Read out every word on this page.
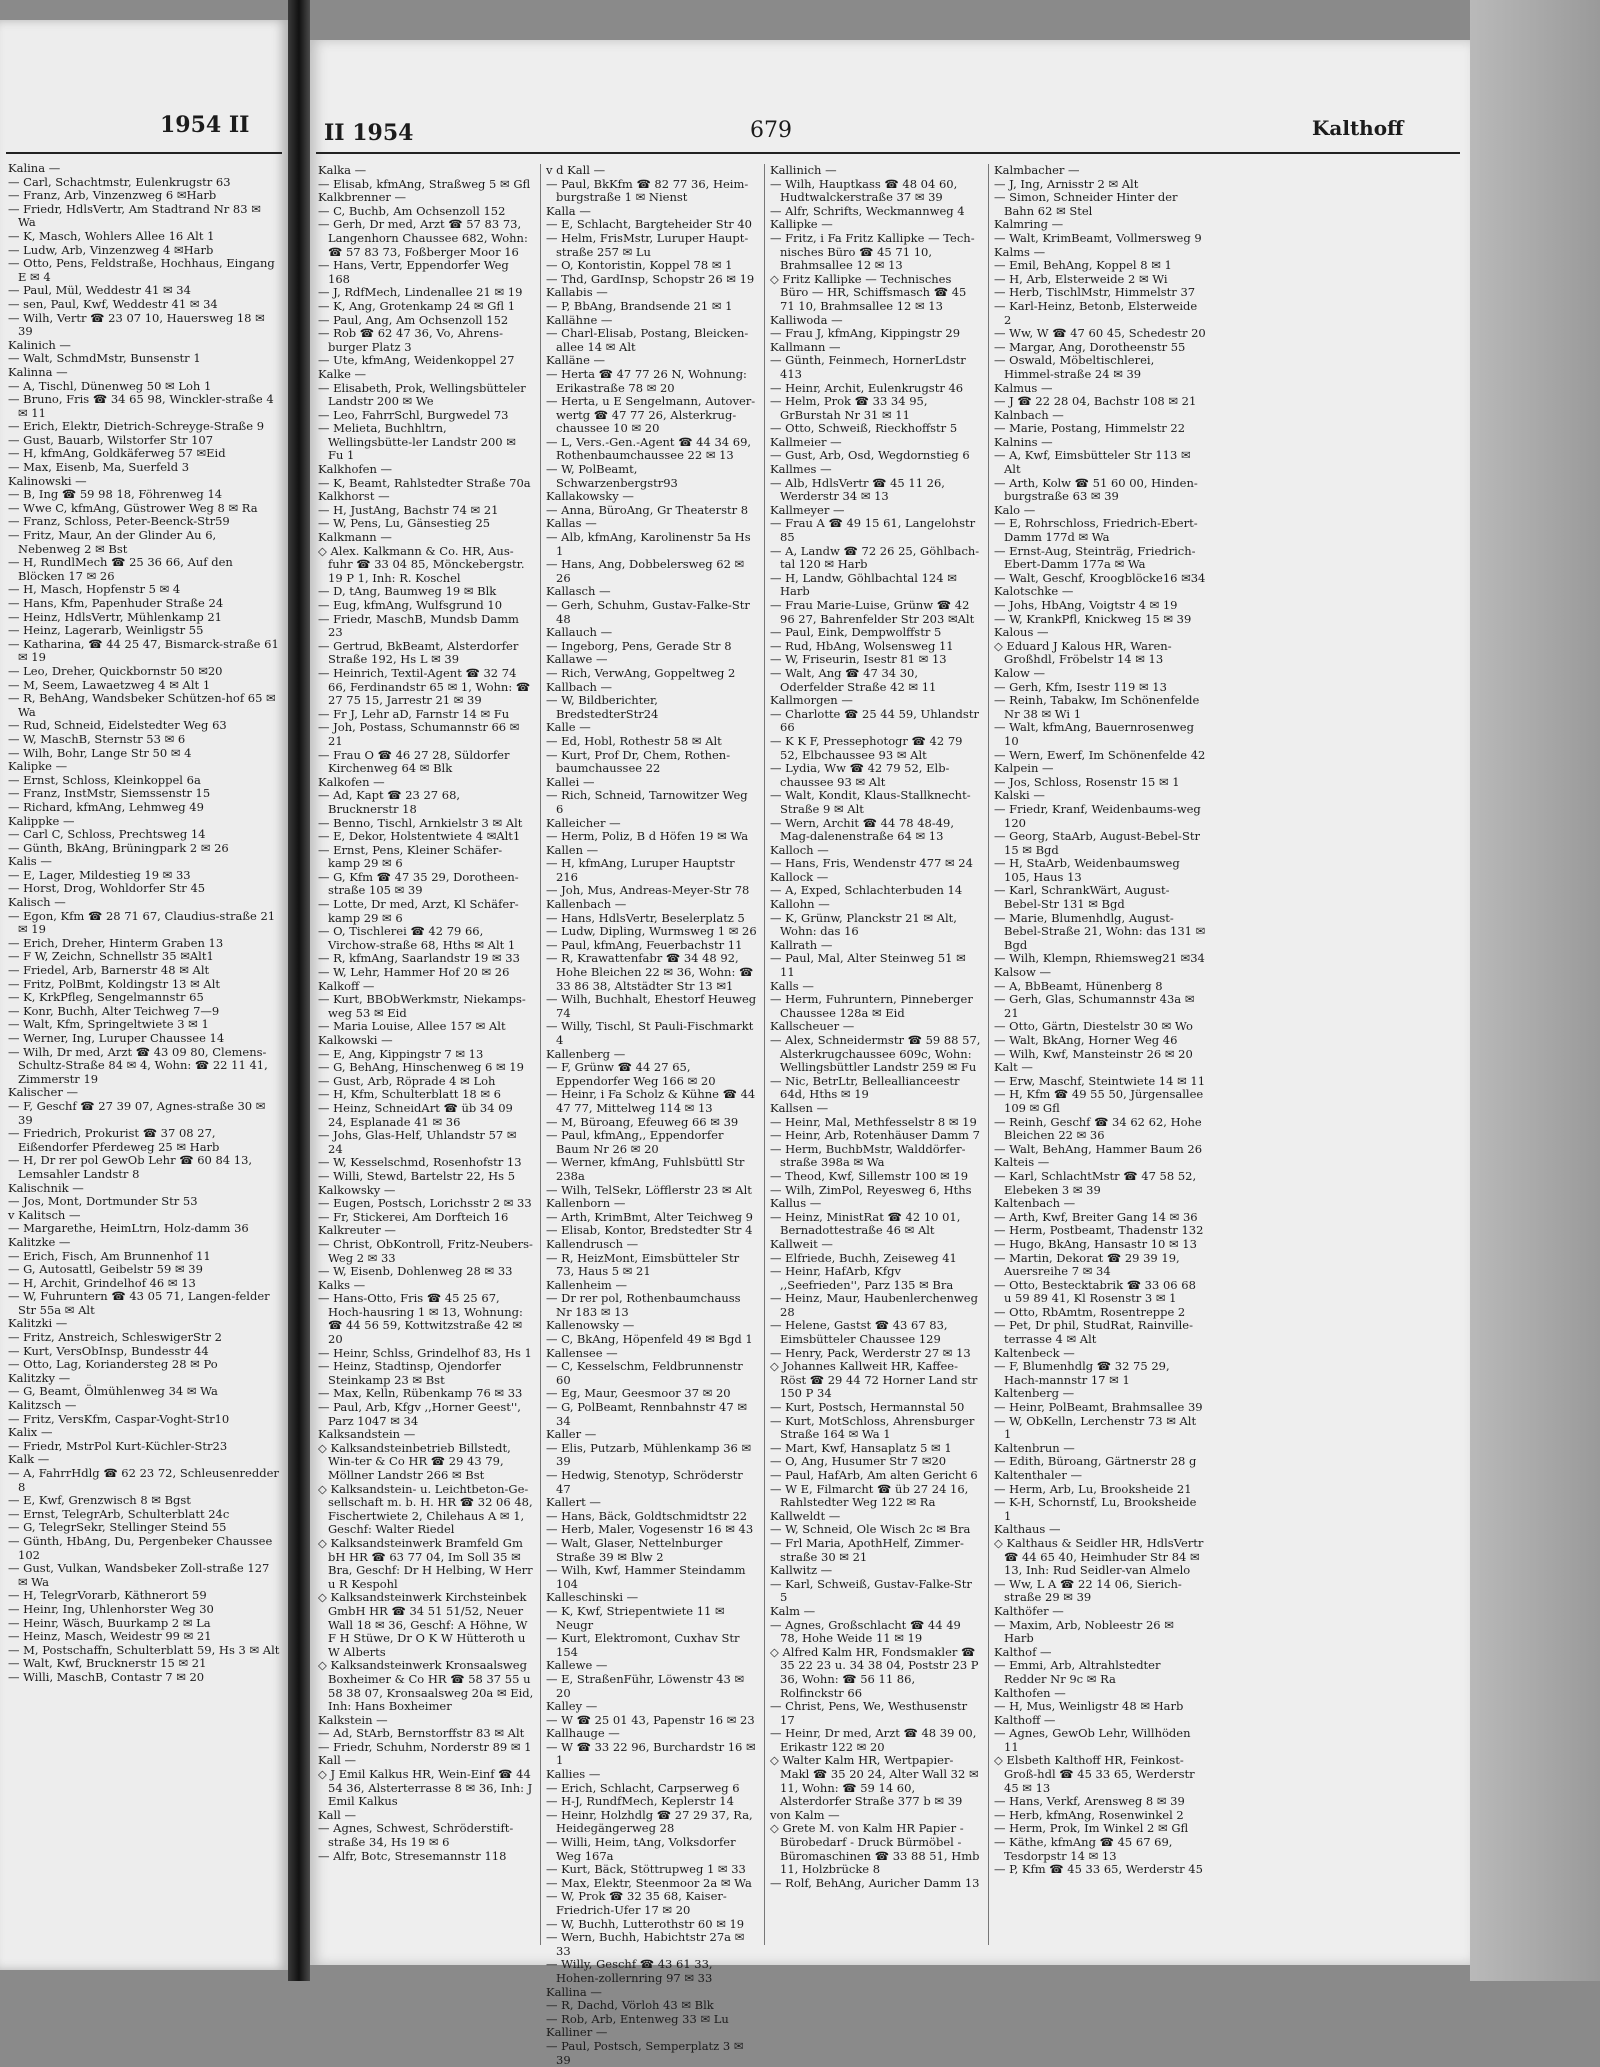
1954 II

Kalina —

— Carl, Schachtmstr, Eulenkrugstr 63

— Franz, Arb, Vinzenzweg 6 ✉Harb

— Friedr, HdlsVertr, Am Stadtrand Nr 83 ✉ Wa

— K, Masch, Wohlers Allee 16 Alt 1

— Ludw, Arb, Vinzenzweg 4 ✉Harb

— Otto, Pens, Feldstraße, Hochhaus, Eingang E ✉ 4

— Paul, Mül, Weddestr 41 ✉ 34

— sen, Paul, Kwf, Weddestr 41 ✉ 34

— Wilh, Vertr ☎ 23 07 10, Hauersweg 18 ✉ 39

Kalinich —

— Walt, SchmdMstr, Bunsenstr 1

Kalinna —

— A, Tischl, Dünenweg 50 ✉ Loh 1

— Bruno, Fris ☎ 34 65 98, Winckler-straße 4 ✉ 11

— Erich, Elektr, Dietrich-Schreyge-Straße 9

— Gust, Bauarb, Wilstorfer Str 107

— H, kfmAng, Goldkäferweg 57 ✉Eid

— Max, Eisenb, Ma, Suerfeld 3

Kalinowski —

— B, Ing ☎ 59 98 18, Föhrenweg 14

— Wwe C, kfmAng, Güstrower Weg 8 ✉ Ra

— Franz, Schloss, Peter-Beenck-Str59

— Fritz, Maur, An der Glinder Au 6, Nebenweg 2 ✉ Bst

— H, RundlMech ☎ 25 36 66, Auf den Blöcken 17 ✉ 26

— H, Masch, Hopfenstr 5 ✉ 4

— Hans, Kfm, Papenhuder Straße 24

— Heinz, HdlsVertr, Mühlenkamp 21

— Heinz, Lagerarb, Weinligstr 55

— Katharina, ☎ 44 25 47, Bismarck-straße 61 ✉ 19

— Leo, Dreher, Quickbornstr 50 ✉20

— M, Seem, Lawaetzweg 4 ✉ Alt 1

— R, BehAng, Wandsbeker Schützen-hof 65 ✉ Wa

— Rud, Schneid, Eidelstedter Weg 63

— W, MaschB, Sternstr 53 ✉ 6

— Wilh, Bohr, Lange Str 50 ✉ 4

Kalipke —

— Ernst, Schloss, Kleinkoppel 6a

— Franz, InstMstr, Siemssenstr 15

— Richard, kfmAng, Lehmweg 49

Kalippke —

— Carl C, Schloss, Prechtsweg 14

— Günth, BkAng, Brüningpark 2 ✉ 26

Kalis —

— E, Lager, Mildestieg 19 ✉ 33

— Horst, Drog, Wohldorfer Str 45

Kalisch —

— Egon, Kfm ☎ 28 71 67, Claudius-straße 21 ✉ 19

— Erich, Dreher, Hinterm Graben 13

— F W, Zeichn, Schnellstr 35 ✉Alt1

— Friedel, Arb, Barnerstr 48 ✉ Alt

— Fritz, PolBmt, Koldingstr 13 ✉ Alt

— K, KrkPfleg, Sengelmannstr 65

— Konr, Buchh, Alter Teichweg 7—9

— Walt, Kfm, Springeltwiete 3 ✉ 1

— Werner, Ing, Luruper Chaussee 14

— Wilh, Dr med, Arzt ☎ 43 09 80, Clemens-Schultz-Straße 84 ✉ 4, Wohn: ☎ 22 11 41, Zimmerstr 19

Kalischer —

— F, Geschf ☎ 27 39 07, Agnes-straße 30 ✉ 39

— Friedrich, Prokurist ☎ 37 08 27, Eißendorfer Pferdeweg 25 ✉ Harb

— H, Dr rer pol GewOb Lehr ☎ 60 84 13, Lemsahler Landstr 8

Kalischnik —

— Jos, Mont, Dortmunder Str 53

v Kalitsch —

— Margarethe, HeimLtrn, Holz-damm 36

Kalitzke —

— Erich, Fisch, Am Brunnenhof 11

— G, Autosattl, Geibelstr 59 ✉ 39

— H, Archit, Grindelhof 46 ✉ 13

— W, Fuhruntern ☎ 43 05 71, Langen-felder Str 55a ✉ Alt

Kalitzki —

— Fritz, Anstreich, SchleswigerStr 2

— Kurt, VersObInsp, Bundesstr 44

— Otto, Lag, Koriandersteg 28 ✉ Po

Kalitzky —

— G, Beamt, Ölmühlenweg 34 ✉ Wa

Kalitzsch —

— Fritz, VersKfm, Caspar-Voght-Str10

Kalix —

— Friedr, MstrPol Kurt-Küchler-Str23

Kalk —

— A, FahrrHdlg ☎ 62 23 72, Schleusenredder 8

— E, Kwf, Grenzwisch 8 ✉ Bgst

— Ernst, TelegrArb, Schulterblatt 24c

— G, TelegrSekr, Stellinger Steind 55

— Günth, HbAng, Du, Pergenbeker Chaussee 102

— Gust, Vulkan, Wandsbeker Zoll-straße 127 ✉ Wa

— H, TelegrVorarb, Käthnerort 59

— Heinr, Ing, Uhlenhorster Weg 30

— Heinr, Wäsch, Buurkamp 2 ✉ La

— Heinz, Masch, Weidestr 99 ✉ 21

— M, Postschaffn, Schulterblatt 59, Hs 3 ✉ Alt

— Walt, Kwf, Brucknerstr 15 ✉ 21

— Willi, MaschB, Contastr 7 ✉ 20

II 1954	679	Kalthoff

Kalka —

— Elisab, kfmAng, Straßweg 5 ✉ Gfl

Kalkbrenner —

— C, Buchb, Am Ochsenzoll 152

— Gerh, Dr med, Arzt ☎ 57 83 73, Langenhorn Chaussee 682, Wohn: ☎ 57 83 73, Foßberger Moor 16

— Hans, Vertr, Eppendorfer Weg 168

— J, RdfMech, Lindenallee 21 ✉ 19

— K, Ang, Grotenkamp 24 ✉ Gfl 1

— Paul, Ang, Am Ochsenzoll 152

— Rob ☎ 62 47 36, Vo, Ahrens-burger Platz 3

— Ute, kfmAng, Weidenkoppel 27

Kalke —

— Elisabeth, Prok, Wellingsbütteler Landstr 200 ✉ We

— Leo, FahrrSchl, Burgwedel 73

— Melieta, Buchhltrn, Wellingsbütte-ler Landstr 200 ✉ Fu 1

Kalkhofen —

— K, Beamt, Rahlstedter Straße 70a

Kalkhorst —

— H, JustAng, Bachstr 74 ✉ 21

— W, Pens, Lu, Gänsestieg 25

Kalkmann —

◇ Alex. Kalkmann & Co. HR, Aus-fuhr ☎ 33 04 85, Mönckebergstr. 19 P 1, Inh: R. Koschel

— D, tAng, Baumweg 19 ✉ Blk

— Eug, kfmAng, Wulfsgrund 10

— Friedr, MaschB, Mundsb Damm 23

— Gertrud, BkBeamt, Alsterdorfer Straße 192, Hs L ✉ 39

— Heinrich, Textil-Agent ☎ 32 74 66, Ferdinandstr 65 ✉ 1, Wohn: ☎ 27 75 15, Jarrestr 21 ✉ 39

— Fr J, Lehr aD, Farnstr 14 ✉ Fu

— Joh, Postass, Schumannstr 66 ✉ 21

— Frau O ☎ 46 27 28, Süldorfer Kirchenweg 64 ✉ Blk

Kalkofen —

— Ad, Kapt ☎ 23 27 68, Brucknerstr 18

— Benno, Tischl, Arnkielstr 3 ✉ Alt

— E, Dekor, Holstentwiete 4 ✉Alt1

— Ernst, Pens, Kleiner Schäfer-kamp 29 ✉ 6

— G, Kfm ☎ 47 35 29, Dorotheen-straße 105 ✉ 39

— Lotte, Dr med, Arzt, Kl Schäfer-kamp 29 ✉ 6

— O, Tischlerei ☎ 42 79 66, Virchow-straße 68, Hths ✉ Alt 1

— R, kfmAng, Saarlandstr 19 ✉ 33

— W, Lehr, Hammer Hof 20 ✉ 26

Kalkoff —

— Kurt, BBObWerkmstr, Niekamps-weg 53 ✉ Eid

— Maria Louise, Allee 157 ✉ Alt

Kalkowski —

— E, Ang, Kippingstr 7 ✉ 13

— G, BehAng, Hinschenweg 6 ✉ 19

— Gust, Arb, Röprade 4 ✉ Loh

— H, Kfm, Schulterblatt 18 ✉ 6

— Heinz, SchneidArt ☎ üb 34 09 24, Esplanade 41 ✉ 36

— Johs, Glas-Helf, Uhlandstr 57 ✉ 24

— W, Kesselschmd, Rosenhofstr 13

— Willi, Stewd, Bartelstr 22, Hs 5

Kalkowsky —

— Eugen, Postsch, Lorichsstr 2 ✉ 33

— Fr, Stickerei, Am Dorfteich 16

Kalkreuter —

— Christ, ObKontroll, Fritz-Neubers-Weg 2 ✉ 33

— W, Eisenb, Dohlenweg 28 ✉ 33

Kalks —

— Hans-Otto, Fris ☎ 45 25 67, Hoch-hausring 1 ✉ 13, Wohnung: ☎ 44 56 59, Kottwitzstraße 42 ✉ 20

— Heinr, Schlss, Grindelhof 83, Hs 1

— Heinz, Stadtinsp, Ojendorfer Steinkamp 23 ✉ Bst

— Max, Kelln, Rübenkamp 76 ✉ 33

— Paul, Arb, Kfgv ,,Horner Geest'', Parz 1047 ✉ 34

Kalksandstein —

◇ Kalksandsteinbetrieb Billstedt, Win-ter & Co HR ☎ 29 43 79, Möllner Landstr 266 ✉ Bst

◇ Kalksandstein- u. Leichtbeton-Ge-sellschaft m. b. H. HR ☎ 32 06 48, Fischertwiete 2, Chilehaus A ✉ 1, Geschf: Walter Riedel

◇ Kalksandsteinwerk Bramfeld Gm bH HR ☎ 63 77 04, Im Soll 35 ✉ Bra, Geschf: Dr H Helbing, W Herr u R Kespohl

◇ Kalksandsteinwerk Kirchsteinbek GmbH HR ☎ 34 51 51/52, Neuer Wall 18 ✉ 36, Geschf: A Höhne, W F H Stüwe, Dr O K W Hütteroth u W Alberts

◇ Kalksandsteinwerk Kronsaalsweg Boxheimer & Co HR ☎ 58 37 55 u 58 38 07, Kronsaalsweg 20a ✉ Eid, Inh: Hans Boxheimer

Kalkstein —

— Ad, StArb, Bernstorffstr 83 ✉ Alt

— Friedr, Schuhm, Norderstr 89 ✉ 1

Kall —

◇ J Emil Kalkus HR, Wein-Einf ☎ 44 54 36, Alsterterrasse 8 ✉ 36, Inh: J Emil Kalkus

Kall —

— Agnes, Schwest, Schröderstift-straße 34, Hs 19 ✉ 6

— Alfr, Botc, Stresemannstr 118

v d Kall —

— Paul, BkKfm ☎ 82 77 36, Heim-burgstraße 1 ✉ Nienst

Kalla —

— E, Schlacht, Bargteheider Str 40

— Helm, FrisMstr, Luruper Haupt-straße 257 ✉ Lu

— O, Kontoristin, Koppel 78 ✉ 1

— Thd, GardInsp, Schopstr 26 ✉ 19

Kallabis —

— P, BbAng, Brandsende 21 ✉ 1

Kallähne —

— Charl-Elisab, Postang, Bleicken-allee 14 ✉ Alt

Kalläne —

— Herta ☎ 47 77 26 N, Wohnung: Erikastraße 78 ✉ 20

— Herta, u E Sengelmann, Autover-wertg ☎ 47 77 26, Alsterkrug-chaussee 10 ✉ 20

— L, Vers.-Gen.-Agent ☎ 44 34 69, Rothenbaumchaussee 22 ✉ 13

— W, PolBeamt, Schwarzenbergstr93

Kallakowsky —

— Anna, BüroAng, Gr Theaterstr 8

Kallas —

— Alb, kfmAng, Karolinenstr 5a Hs 1

— Hans, Ang, Dobbelersweg 62 ✉26

Kallasch —

— Gerh, Schuhm, Gustav-Falke-Str 48

Kallauch —

— Ingeborg, Pens, Gerade Str 8

Kallawe —

— Rich, VerwAng, Goppeltweg 2

Kallbach —

— W, Bildberichter, BredstedterStr24

Kalle —

— Ed, Hobl, Rothestr 58 ✉ Alt

— Kurt, Prof Dr, Chem, Rothen-baumchaussee 22

Kallei —

— Rich, Schneid, Tarnowitzer Weg 6

Kalleicher —

— Herm, Poliz, B d Höfen 19 ✉ Wa

Kallen —

— H, kfmAng, Luruper Hauptstr 216

— Joh, Mus, Andreas-Meyer-Str 78

Kallenbach —

— Hans, HdlsVertr, Beselerplatz 5

— Ludw, Dipling, Wurmsweg 1 ✉ 26

— Paul, kfmAng, Feuerbachstr 11

— R, Krawattenfabr ☎ 34 48 92, Hohe Bleichen 22 ✉ 36, Wohn: ☎ 33 86 38, Altstädter Str 13 ✉1

— Wilh, Buchhalt, Ehestorf Heuweg 74

— Willy, Tischl, St Pauli-Fischmarkt 4

Kallenberg —

— F, Grünw ☎ 44 27 65, Eppendorfer Weg 166 ✉ 20

— Heinr, i Fa Scholz & Kühne ☎ 44 47 77, Mittelweg 114 ✉ 13

— M, Büroang, Efeuweg 66 ✉ 39

— Paul, kfmAng,, Eppendorfer Baum Nr 26 ✉ 20

— Werner, kfmAng, Fuhlsbüttl Str 238a

— Wilh, TelSekr, Löfflerstr 23 ✉ Alt

Kallenborn —

— Arth, KrimBmt, Alter Teichweg 9

— Elisab, Kontor, Bredstedter Str 4

Kallendrusch —

— R, HeizMont, Eimsbütteler Str 73, Haus 5 ✉ 21

Kallenheim —

— Dr rer pol, Rothenbaumchauss Nr 183 ✉ 13

Kallenowsky —

— C, BkAng, Höpenfeld 49 ✉ Bgd 1

Kallensee —

— C, Kesselschm, Feldbrunnenstr 60

— Eg, Maur, Geesmoor 37 ✉ 20

— G, PolBeamt, Rennbahnstr 47 ✉34

Kaller —

— Elis, Putzarb, Mühlenkamp 36 ✉ 39

— Hedwig, Stenotyp, Schröderstr 47

Kallert —

— Hans, Bäck, Goldtschmidtstr 22

— Herb, Maler, Vogesenstr 16 ✉ 43

— Walt, Glaser, Nettelnburger Straße 39 ✉ Blw 2

— Wilh, Kwf, Hammer Steindamm 104

Kalleschinski —

— K, Kwf, Striepentwiete 11 ✉ Neugr

— Kurt, Elektromont, Cuxhav Str 154

Kallewe —

— E, StraßenFühr, Löwenstr 43 ✉ 20

Kalley —

— W ☎ 25 01 43, Papenstr 16 ✉ 23

Kallhauge —

— W ☎ 33 22 96, Burchardstr 16 ✉1

Kallies —

— Erich, Schlacht, Carpserweg 6

— H-J, RundfMech, Keplerstr 14

— Heinr, Holzhdlg ☎ 27 29 37, Ra, Heidegängerweg 28

— Willi, Heim, tAng, Volksdorfer Weg 167a

— Kurt, Bäck, Stöttrupweg 1 ✉ 33

— Max, Elektr, Steenmoor 2a ✉ Wa

— W, Prok ☎ 32 35 68, Kaiser-Friedrich-Ufer 17 ✉ 20

— W, Buchh, Lutterothstr 60 ✉ 19

— Wern, Buchh, Habichtstr 27a ✉33

— Willy, Geschf ☎ 43 61 33, Hohen-zollernring 97 ✉ 33

Kallina —

— R, Dachd, Vörloh 43 ✉ Blk

— Rob, Arb, Entenweg 33 ✉ Lu

Kalliner —

— Paul, Postsch, Semperplatz 3 ✉ 39

Kallinich —

— Wilh, Hauptkass ☎ 48 04 60, Hudtwalckerstraße 37 ✉ 39

— Alfr, Schrifts, Weckmannweg 4

Kallipke —

— Fritz, i Fa Fritz Kallipke — Tech-nisches Büro ☎ 45 71 10, Brahmsallee 12 ✉ 13

◇ Fritz Kallipke — Technisches Büro — HR, Schiffsmasch ☎ 45 71 10, Brahmsallee 12 ✉ 13

Kalliwoda —

— Frau J, kfmAng, Kippingstr 29

Kallmann —

— Günth, Feinmech, HornerLdstr 413

— Heinr, Archit, Eulenkrugstr 46

— Helm, Prok ☎ 33 34 95, GrBurstah Nr 31 ✉ 11

— Otto, Schweiß, Rieckhoffstr 5

Kallmeier —

— Gust, Arb, Osd, Wegdornstieg 6

Kallmes —

— Alb, HdlsVertr ☎ 45 11 26, Werderstr 34 ✉ 13

Kallmeyer —

— Frau A ☎ 49 15 61, Langelohstr 85

— A, Landw ☎ 72 26 25, Göhlbach-tal 120 ✉ Harb

— H, Landw, Göhlbachtal 124 ✉ Harb

— Frau Marie-Luise, Grünw ☎ 42 96 27, Bahrenfelder Str 203 ✉Alt

— Paul, Eink, Dempwolffstr 5

— Rud, HbAng, Wolsensweg 11

— W, Friseurin, Isestr 81 ✉ 13

— Walt, Ang ☎ 47 34 30, Oderfelder Straße 42 ✉ 11

Kallmorgen —

— Charlotte ☎ 25 44 59, Uhlandstr 66

— K K F, Pressephotogr ☎ 42 79 52, Elbchaussee 93 ✉ Alt

— Lydia, Ww ☎ 42 79 52, Elb-chaussee 93 ✉ Alt

— Walt, Kondit, Klaus-Stallknecht-Straße 9 ✉ Alt

— Wern, Archit ☎ 44 78 48-49, Mag-dalenenstraße 64 ✉ 13

Kalloch —

— Hans, Fris, Wendenstr 477 ✉ 24

Kallock —

— A, Exped, Schlachterbuden 14

Kallohn —

— K, Grünw, Planckstr 21 ✉ Alt, Wohn: das 16

Kallrath —

— Paul, Mal, Alter Steinweg 51 ✉ 11

Kalls —

— Herm, Fuhruntern, Pinneberger Chaussee 128a ✉ Eid

Kallscheuer —

— Alex, Schneidermstr ☎ 59 88 57, Alsterkrugchaussee 609c, Wohn: Wellingsbüttler Landstr 259 ✉ Fu

— Nic, BetrLtr, Belleallianceestr 64d, Hths ✉ 19

Kallsen —

— Heinr, Mal, Methfesselstr 8 ✉ 19

— Heinr, Arb, Rotenhäuser Damm 7

— Herm, BuchbMstr, Walddörfer-straße 398a ✉ Wa

— Theod, Kwf, Sillemstr 100 ✉ 19

— Wilh, ZimPol, Reyesweg 6, Hths

Kallus —

— Heinz, MinistRat ☎ 42 10 01, Bernadottestraße 46 ✉ Alt

Kallweit —

— Elfriede, Buchh, Zeiseweg 41

— Heinr, HafArb, Kfgv ,,Seefrieden'', Parz 135 ✉ Bra

— Heinz, Maur, Haubenlerchenweg 28

— Helene, Gastst ☎ 43 67 83, Eimsbütteler Chaussee 129

— Henry, Pack, Werderstr 27 ✉ 13

◇ Johannes Kallweit HR, Kaffee-Röst ☎ 29 44 72 Horner Land str 150 P 34

— Kurt, Postsch, Hermannstal 50

— Kurt, MotSchloss, Ahrensburger Straße 164 ✉ Wa 1

— Mart, Kwf, Hansaplatz 5 ✉ 1

— O, Ang, Husumer Str 7 ✉20

— Paul, HafArb, Am alten Gericht 6

— W E, Filmarcht ☎ üb 27 24 16, Rahlstedter Weg 122 ✉ Ra

Kallweldt —

— W, Schneid, Ole Wisch 2c ✉ Bra

— Frl Maria, ApothHelf, Zimmer-straße 30 ✉ 21

Kallwitz —

— Karl, Schweiß, Gustav-Falke-Str 5

Kalm —

— Agnes, Großschlacht ☎ 44 49 78, Hohe Weide 11 ✉ 19

◇ Alfred Kalm HR, Fondsmakler ☎ 35 22 23 u. 34 38 04, Poststr 23 P 36, Wohn: ☎ 56 11 86, Rolfinckstr 66

— Christ, Pens, We, Westhusenstr 17

— Heinr, Dr med, Arzt ☎ 48 39 00, Erikastr 122 ✉ 20

◇ Walter Kalm HR, Wertpapier-Makl ☎ 35 20 24, Alter Wall 32 ✉ 11, Wohn: ☎ 59 14 60, Alsterdorfer Straße 377 b ✉ 39

von Kalm —

◇ Grete M. von Kalm HR Papier - Bürobedarf - Druck Bürmöbel - Büromaschinen ☎ 33 88 51, Hmb 11, Holzbrücke 8

— Rolf, BehAng, Auricher Damm 13

Kalmbacher —

— J, Ing, Arnisstr 2 ✉ Alt

— Simon, Schneider Hinter der Bahn 62 ✉ Stel

Kalmring —

— Walt, KrimBeamt, Vollmersweg 9

Kalms —

— Emil, BehAng, Koppel 8 ✉ 1

— H, Arb, Elsterweide 2 ✉ Wi

— Herb, TischlMstr, Himmelstr 37

— Karl-Heinz, Betonb, Elsterweide 2

— Ww, W ☎ 47 60 45, Schedestr 20

— Margar, Ang, Dorotheenstr 55

— Oswald, Möbeltischlerei, Himmel-straße 24 ✉ 39

Kalmus —

— J ☎ 22 28 04, Bachstr 108 ✉ 21

Kalnbach —

— Marie, Postang, Himmelstr 22

Kalnins —

— A, Kwf, Eimsbütteler Str 113 ✉ Alt

— Arth, Kolw ☎ 51 60 00, Hinden-burgstraße 63 ✉ 39

Kalo —

— E, Rohrschloss, Friedrich-Ebert-Damm 177d ✉ Wa

— Ernst-Aug, Steinträg, Friedrich-Ebert-Damm 177a ✉ Wa

— Walt, Geschf, Kroogblöcke16 ✉34

Kalotschke —

— Johs, HbAng, Voigtstr 4 ✉ 19

— W, KrankPfl, Knickweg 15 ✉ 39

Kalous —

◇ Eduard J Kalous HR, Waren-Großhdl, Fröbelstr 14 ✉ 13

Kalow —

— Gerh, Kfm, Isestr 119 ✉ 13

— Reinh, Tabakw, Im Schönenfelde Nr 38 ✉ Wi 1

— Walt, kfmAng, Bauernrosenweg 10

— Wern, Ewerf, Im Schönenfelde 42

Kalpein —

— Jos, Schloss, Rosenstr 15 ✉ 1

Kalski —

— Friedr, Kranf, Weidenbaums-weg 120

— Georg, StaArb, August-Bebel-Str 15 ✉ Bgd

— H, StaArb, Weidenbaumsweg 105, Haus 13

— Karl, SchrankWärt, August-Bebel-Str 131 ✉ Bgd

— Marie, Blumenhdlg, August-Bebel-Straße 21, Wohn: das 131 ✉ Bgd

— Wilh, Klempn, Rhiemsweg21 ✉34

Kalsow —

— A, BbBeamt, Hünenberg 8

— Gerh, Glas, Schumannstr 43a ✉ 21

— Otto, Gärtn, Diestelstr 30 ✉ Wo

— Walt, BkAng, Horner Weg 46

— Wilh, Kwf, Mansteinstr 26 ✉ 20

Kalt —

— Erw, Maschf, Steintwiete 14 ✉ 11

— H, Kfm ☎ 49 55 50, Jürgensallee 109 ✉ Gfl

— Reinh, Geschf ☎ 34 62 62, Hohe Bleichen 22 ✉ 36

— Walt, BehAng, Hammer Baum 26

Kalteis —

— Karl, SchlachtMstr ☎ 47 58 52, Elebeken 3 ✉ 39

Kaltenbach —

— Arth, Kwf, Breiter Gang 14 ✉ 36

— Herm, Postbeamt, Thadenstr 132

— Hugo, BkAng, Hansastr 10 ✉ 13

— Martin, Dekorat ☎ 29 39 19, Auersreihe 7 ✉ 34

— Otto, Bestecktabrik ☎ 33 06 68 u 59 89 41, Kl Rosenstr 3 ✉ 1

— Otto, RbAmtm, Rosentreppe 2

— Pet, Dr phil, StudRat, Rainville-terrasse 4 ✉ Alt

Kaltenbeck —

— F, Blumenhdlg ☎ 32 75 29, Hach-mannstr 17 ✉ 1

Kaltenberg —

— Heinr, PolBeamt, Brahmsallee 39

— W, ObKelln, Lerchenstr 73 ✉ Alt 1

Kaltenbrun —

— Edith, Büroang, Gärtnerstr 28 g

Kaltenthaler —

— Herm, Arb, Lu, Brooksheide 21

— K-H, Schornstf, Lu, Brooksheide 1

Kalthaus —

◇ Kalthaus & Seidler HR, HdlsVertr ☎ 44 65 40, Heimhuder Str 84 ✉ 13, Inh: Rud Seidler-van Almelo

— Ww, L A ☎ 22 14 06, Sierich-straße 29 ✉ 39

Kalthöfer —

— Maxim, Arb, Nobleestr 26 ✉ Harb

Kalthof —

— Emmi, Arb, Altrahlstedter Redder Nr 9c ✉ Ra

Kalthofen —

— H, Mus, Weinligstr 48 ✉ Harb

Kalthoff —

— Agnes, GewOb Lehr, Willhöden 11

◇ Elsbeth Kalthoff HR, Feinkost-Groß-hdl ☎ 45 33 65, Werderstr 45 ✉ 13

— Hans, Verkf, Arensweg 8 ✉ 39

— Herb, kfmAng, Rosenwinkel 2

— Herm, Prok, Im Winkel 2 ✉ Gfl

— Käthe, kfmAng ☎ 45 67 69, Tesdorpstr 14 ✉ 13

— P, Kfm ☎ 45 33 65, Werderstr 45
